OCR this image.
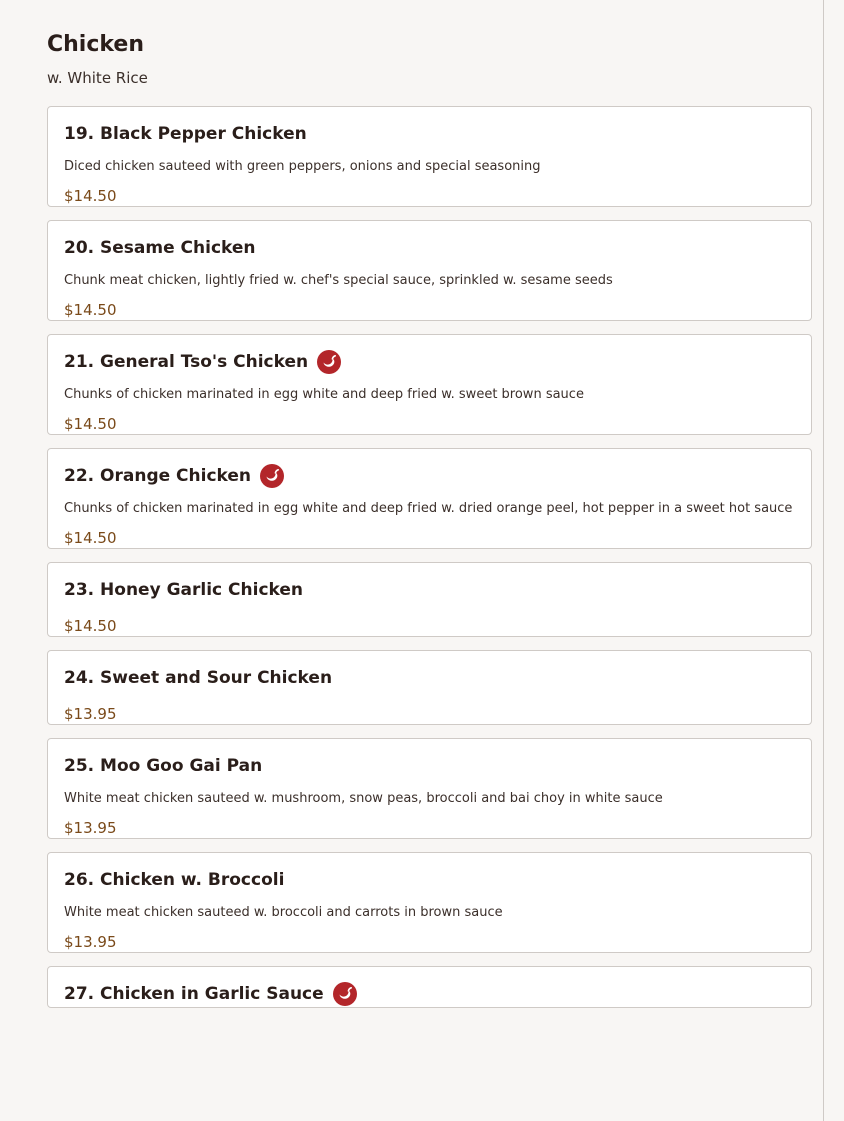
Chicken
w. White Rice
19. Black Pepper Chicken
Diced chicken sauteed with green peppers, onions and special seasoning
$14.50
20. Sesame Chicken
Chunk meat chicken, lightly fried w. chef's special sauce, sprinkled w. sesame seeds
$14.50
21. General Tso's Chicken
Chunks of chicken marinated in egg white and deep fried w. sweet brown sauce
$14.50
22. Orange Chicken
Chunks of chicken marinated in egg white and deep fried w. dried orange peel, hot pepper in a sweet hot sauce
$14.50
23. Honey Garlic Chicken
$14.50
24. Sweet and Sour Chicken
$13.95
25. Moo Goo Gai Pan
White meat chicken sauteed w. mushroom, snow peas, broccoli and bai choy in white sauce
$13.95
26. Chicken w. Broccoli
White meat chicken sauteed w. broccoli and carrots in brown sauce
$13.95
27. Chicken in Garlic Sauce
